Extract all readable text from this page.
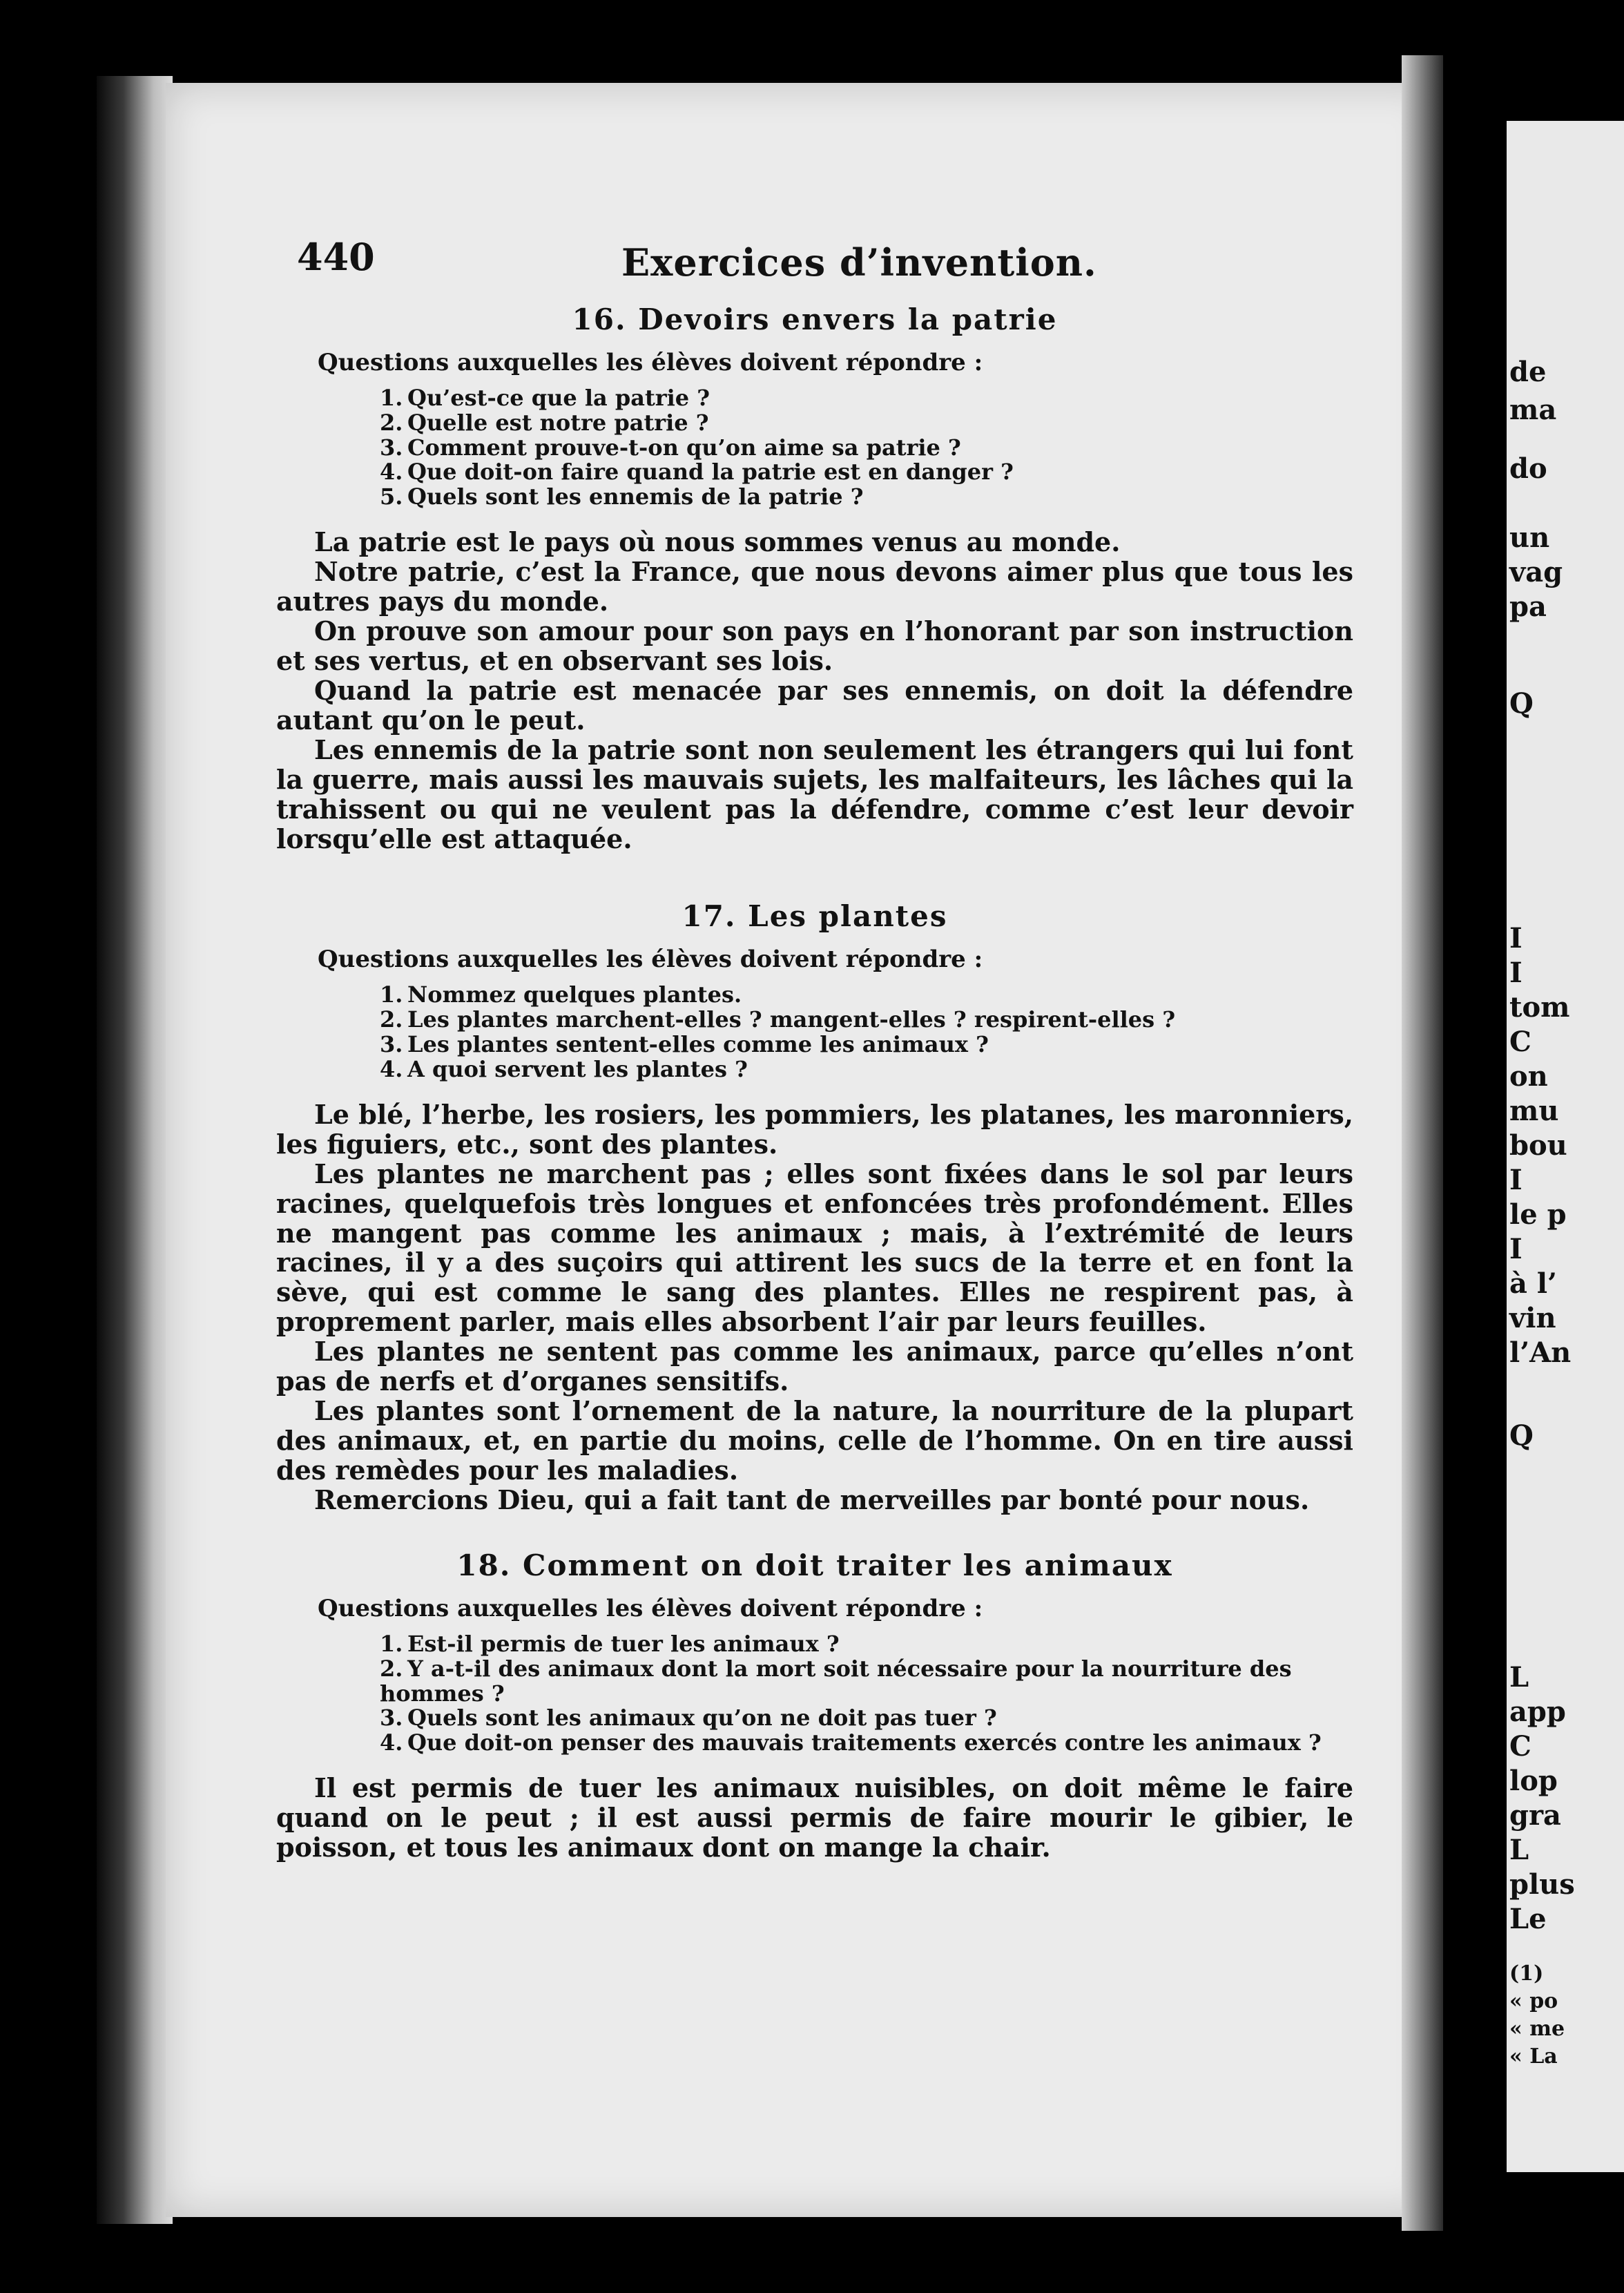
de
ma
do
un
vag
pa
Q
I
I
tom
C
on
mu
bou
I
le p
I
à l’
vin
l’An
Q
L
app
C
lop
gra
L
plus
Le
(1)
« po
« me
« La
440	Exercices d’invention.
16. Devoirs envers la patrie
Questions auxquelles les élèves doivent répondre :
1. Qu’est-ce que la patrie ?
2. Quelle est notre patrie ?
3. Comment prouve-t-on qu’on aime sa patrie ?
4. Que doit-on faire quand la patrie est en danger ?
5. Quels sont les ennemis de la patrie ?

La patrie est le pays où nous sommes venus au monde.

Notre patrie, c’est la France, que nous devons aimer plus que tous les autres pays du monde.

On prouve son amour pour son pays en l’honorant par son instruction et ses vertus, et en observant ses lois.

Quand la patrie est menacée par ses ennemis, on doit la défendre autant qu’on le peut.

Les ennemis de la patrie sont non seulement les étrangers qui lui font la guerre, mais aussi les mauvais sujets, les malfaiteurs, les lâches qui la trahissent ou qui ne veulent pas la défendre, comme c’est leur devoir lorsqu’elle est attaquée.

17. Les plantes
Questions auxquelles les élèves doivent répondre :
1. Nommez quelques plantes.
2. Les plantes marchent-elles ? mangent-elles ? respirent-elles ?
3. Les plantes sentent-elles comme les animaux ?
4. A quoi servent les plantes ?

Le blé, l’herbe, les rosiers, les pommiers, les platanes, les maronniers, les figuiers, etc., sont des plantes.

Les plantes ne marchent pas ; elles sont fixées dans le sol par leurs racines, quelquefois très longues et enfoncées très profondément. Elles ne mangent pas comme les animaux ; mais, à l’extrémité de leurs racines, il y a des suçoirs qui attirent les sucs de la terre et en font la sève, qui est comme le sang des plantes. Elles ne respirent pas, à proprement parler, mais elles absorbent l’air par leurs feuilles.

Les plantes ne sentent pas comme les animaux, parce qu’elles n’ont pas de nerfs et d’organes sensitifs.

Les plantes sont l’ornement de la nature, la nourriture de la plupart des animaux, et, en partie du moins, celle de l’homme. On en tire aussi des remèdes pour les maladies.

Remercions Dieu, qui a fait tant de merveilles par bonté pour nous.

18. Comment on doit traiter les animaux
Questions auxquelles les élèves doivent répondre :
1. Est-il permis de tuer les animaux ?
2. Y a-t-il des animaux dont la mort soit nécessaire pour la nourriture des hommes ?
3. Quels sont les animaux qu’on ne doit pas tuer ?
4. Que doit-on penser des mauvais traitements exercés contre les animaux ?

Il est permis de tuer les animaux nuisibles, on doit même le faire quand on le peut ; il est aussi permis de faire mourir le gibier, le poisson, et tous les animaux dont on mange la chair.
